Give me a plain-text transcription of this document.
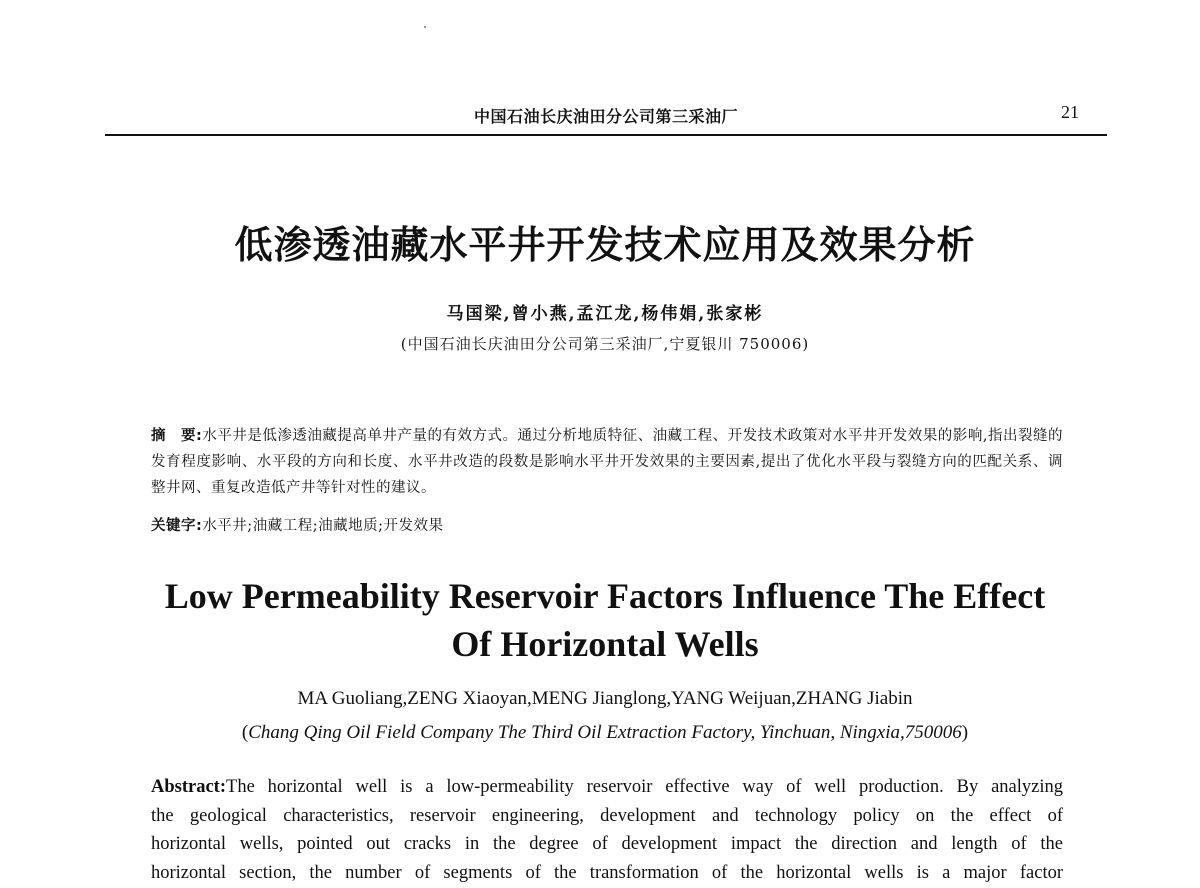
中国石油长庆油田分公司第三采油厂	21
低渗透油藏水平井开发技术应用及效果分析
马国梁,曾小燕,孟江龙,杨伟娟,张家彬
(中国石油长庆油田分公司第三采油厂,宁夏银川 750006)
摘　要:水平井是低渗透油藏提高单井产量的有效方式。通过分析地质特征、油藏工程、开发技术政策对水平井开发效果的影响,指出裂缝的发育程度影响、水平段的方向和长度、水平井改造的段数是影响水平井开发效果的主要因素,提出了优化水平段与裂缝方向的匹配关系、调整井网、重复改造低产井等针对性的建议。
关键字:水平井;油藏工程;油藏地质;开发效果
Low Permeability Reservoir Factors Influence The Effect
Of Horizontal Wells
MA Guoliang,ZENG Xiaoyan,MENG Jianglong,YANG Weijuan,ZHANG Jiabin
(Chang Qing Oil Field Company The Third Oil Extraction Factory, Yinchuan, Ningxia,750006)
Abstract:The horizontal well is a low-permeability reservoir effective way of well production. By analyzing
the geological characteristics, reservoir engineering, development and technology policy on the effect of
horizontal wells, pointed out cracks in the degree of development impact the direction and length of the
horizontal section, the number of segments of the transformation of the horizontal wells is a major factor
